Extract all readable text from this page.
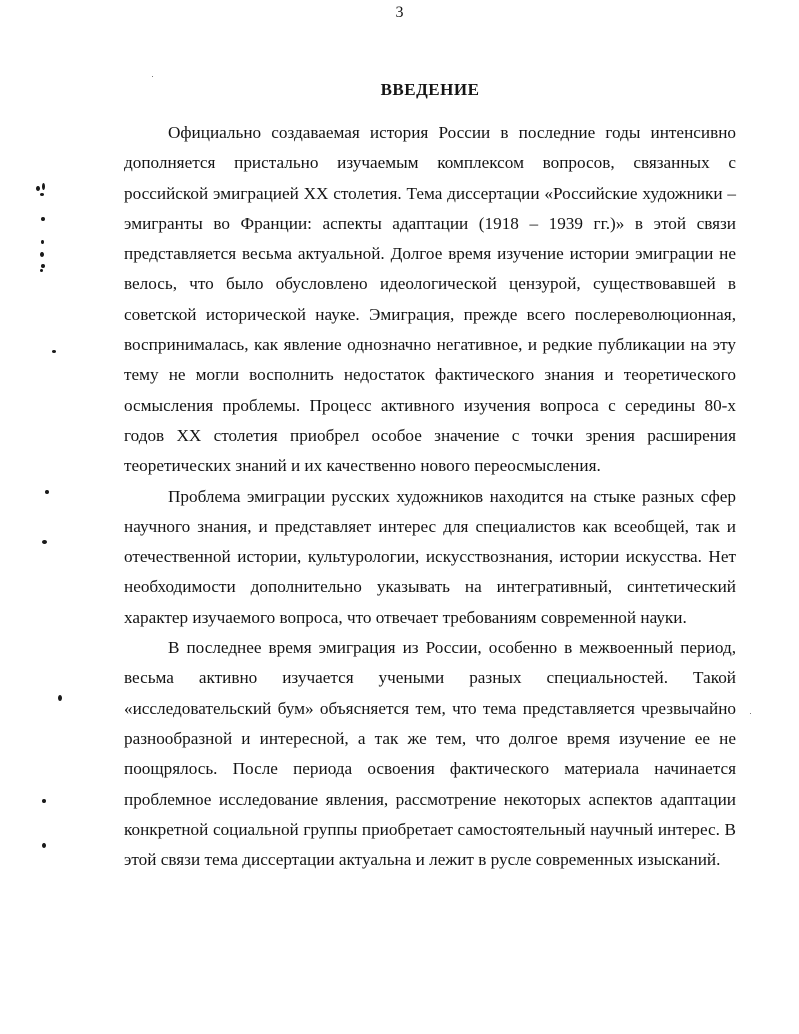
3
ВВЕДЕНИЕ

Официально создаваемая история России в последние годы интенсивно дополняется пристально изучаемым комплексом вопросов, связанных с российской эмиграцией XX столетия. Тема диссертации «Российские художники – эмигранты во Франции: аспекты адаптации (1918 – 1939 гг.)» в этой связи представляется весьма актуальной. Долгое время изучение истории эмиграции не велось, что было обусловлено идеологической цензурой, существовавшей в советской исторической науке. Эмиграция, прежде всего послереволюционная, воспринималась, как явление однозначно негативное, и редкие публикации на эту тему не могли восполнить недостаток фактического знания и теоретического осмысления проблемы. Процесс активного изучения вопроса с середины 80-х годов XX столетия приобрел особое значение с точки зрения расширения теоретических знаний и их качественно нового переосмысления.

Проблема эмиграции русских художников находится на стыке разных сфер научного знания, и представляет интерес для специалистов как всеобщей, так и отечественной истории, культурологии, искусствознания, истории искусства. Нет необходимости дополнительно указывать на интегративный, синтетический характер изучаемого вопроса, что отвечает требованиям современной науки.

В последнее время эмиграция из России, особенно в межвоенный период, весьма активно изучается учеными разных специальностей. Такой «исследовательский бум» объясняется тем, что тема представляется чрезвычайно разнообразной и интересной, а так же тем, что долгое время изучение ее не поощрялось. После периода освоения фактического материала начинается проблемное исследование явления, рассмотрение некоторых аспектов адаптации конкретной социальной группы приобретает самостоятельный научный интерес. В этой связи тема диссертации актуальна и лежит в русле современных изысканий.
